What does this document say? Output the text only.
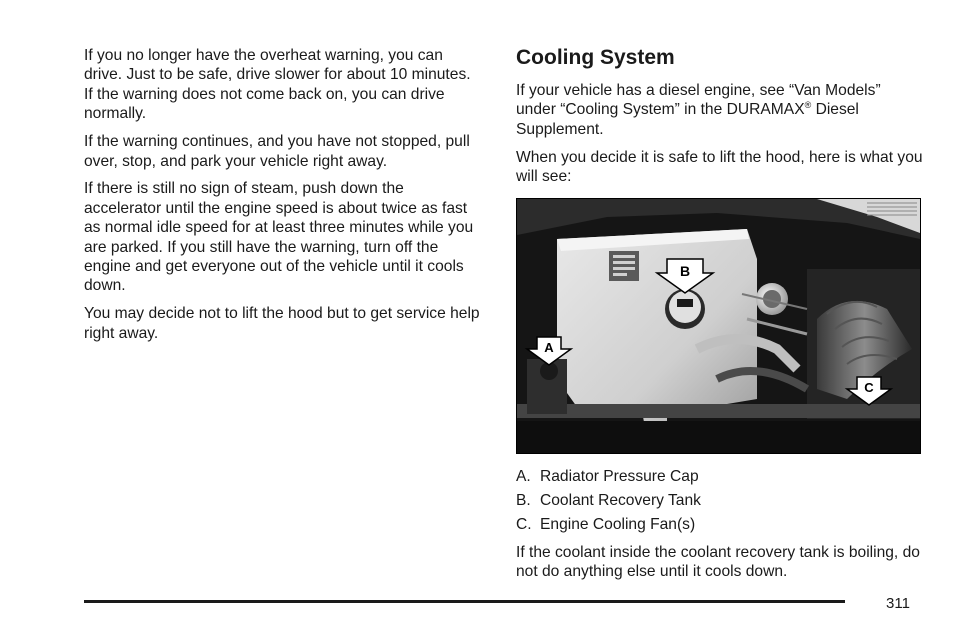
If you no longer have the overheat warning, you can drive. Just to be safe, drive slower for about 10 minutes. If the warning does not come back on, you can drive normally.

If the warning continues, and you have not stopped, pull over, stop, and park your vehicle right away.

If there is still no sign of steam, push down the accelerator until the engine speed is about twice as fast as normal idle speed for at least three minutes while you are parked. If you still have the warning, turn off the engine and get everyone out of the vehicle until it cools down.

You may decide not to lift the hood but to get service help right away.

Cooling System

If your vehicle has a diesel engine, see “Van Models” under “Cooling System” in the DURAMAX® Diesel Supplement.

When you decide it is safe to lift the hood, here is what you will see:

B
A
C
A. Radiator Pressure Cap
B. Coolant Recovery Tank
C. Engine Cooling Fan(s)

If the coolant inside the coolant recovery tank is boiling, do not do anything else until it cools down.

311
